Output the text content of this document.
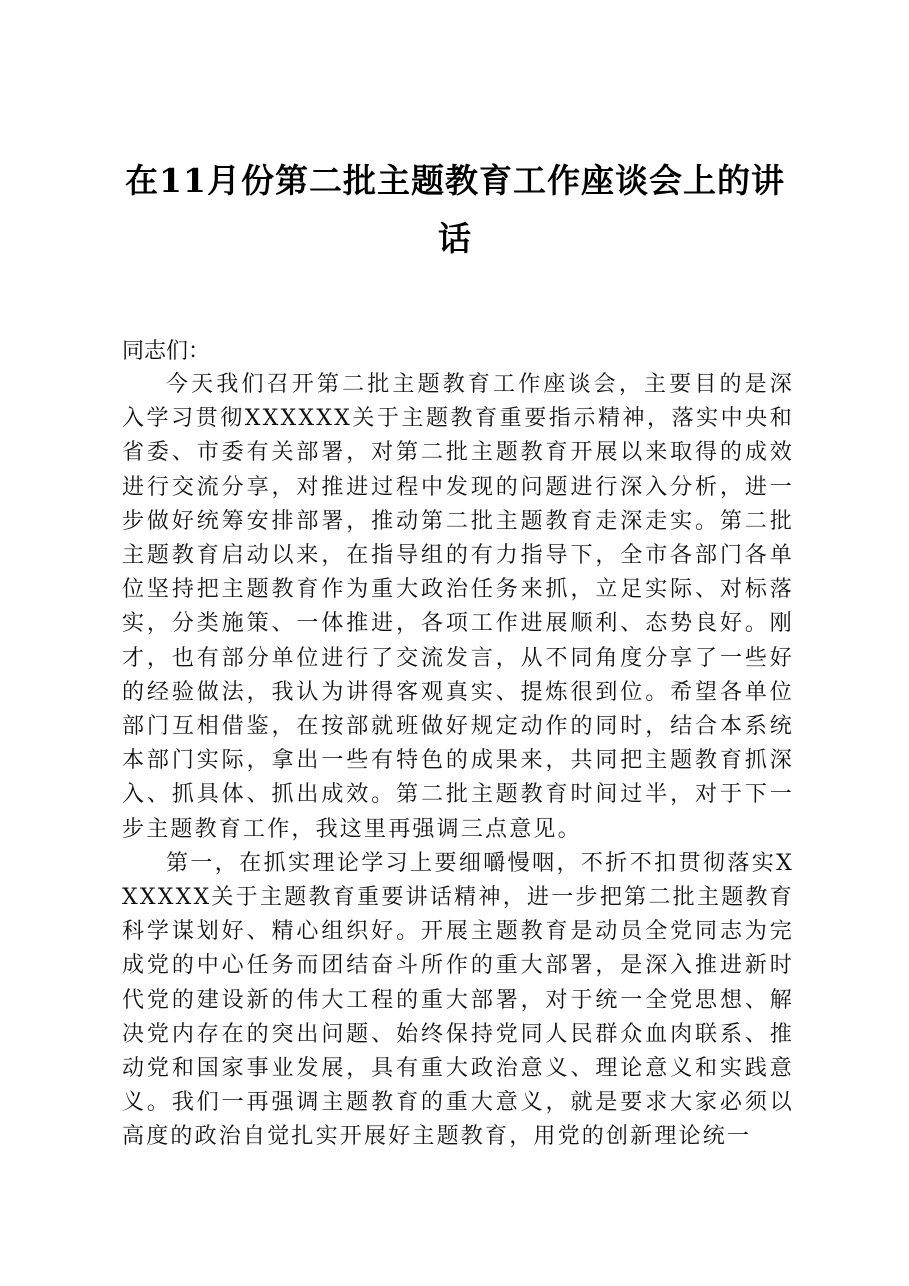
在11月份第二批主题教育工作座谈会上的讲话
同志们：

今天我们召开第二批主题教育工作座谈会，主要目的是深入学习贯彻XXXXXX关于主题教育重要指示精神，落实中央和省委、市委有关部署，对第二批主题教育开展以来取得的成效进行交流分享，对推进过程中发现的问题进行深入分析，进一步做好统筹安排部署，推动第二批主题教育走深走实。第二批主题教育启动以来，在指导组的有力指导下，全市各部门各单位坚持把主题教育作为重大政治任务来抓，立足实际、对标落实，分类施策、一体推进，各项工作进展顺利、态势良好。刚才，也有部分单位进行了交流发言，从不同角度分享了一些好的经验做法，我认为讲得客观真实、提炼很到位。希望各单位部门互相借鉴，在按部就班做好规定动作的同时，结合本系统本部门实际，拿出一些有特色的成果来，共同把主题教育抓深入、抓具体、抓出成效。第二批主题教育时间过半，对于下一步主题教育工作，我这里再强调三点意见。

第一，在抓实理论学习上要细嚼慢咽，不折不扣贯彻落实XXXXXX关于主题教育重要讲话精神，进一步把第二批主题教育科学谋划好、精心组织好。开展主题教育是动员全党同志为完成党的中心任务而团结奋斗所作的重大部署，是深入推进新时代党的建设新的伟大工程的重大部署，对于统一全党思想、解决党内存在的突出问题、始终保持党同人民群众血肉联系、推动党和国家事业发展，具有重大政治意义、理论意义和实践意义。我们一再强调主题教育的重大意义，就是要求大家必须以高度的政治自觉扎实开展好主题教育，用党的创新理论统一
